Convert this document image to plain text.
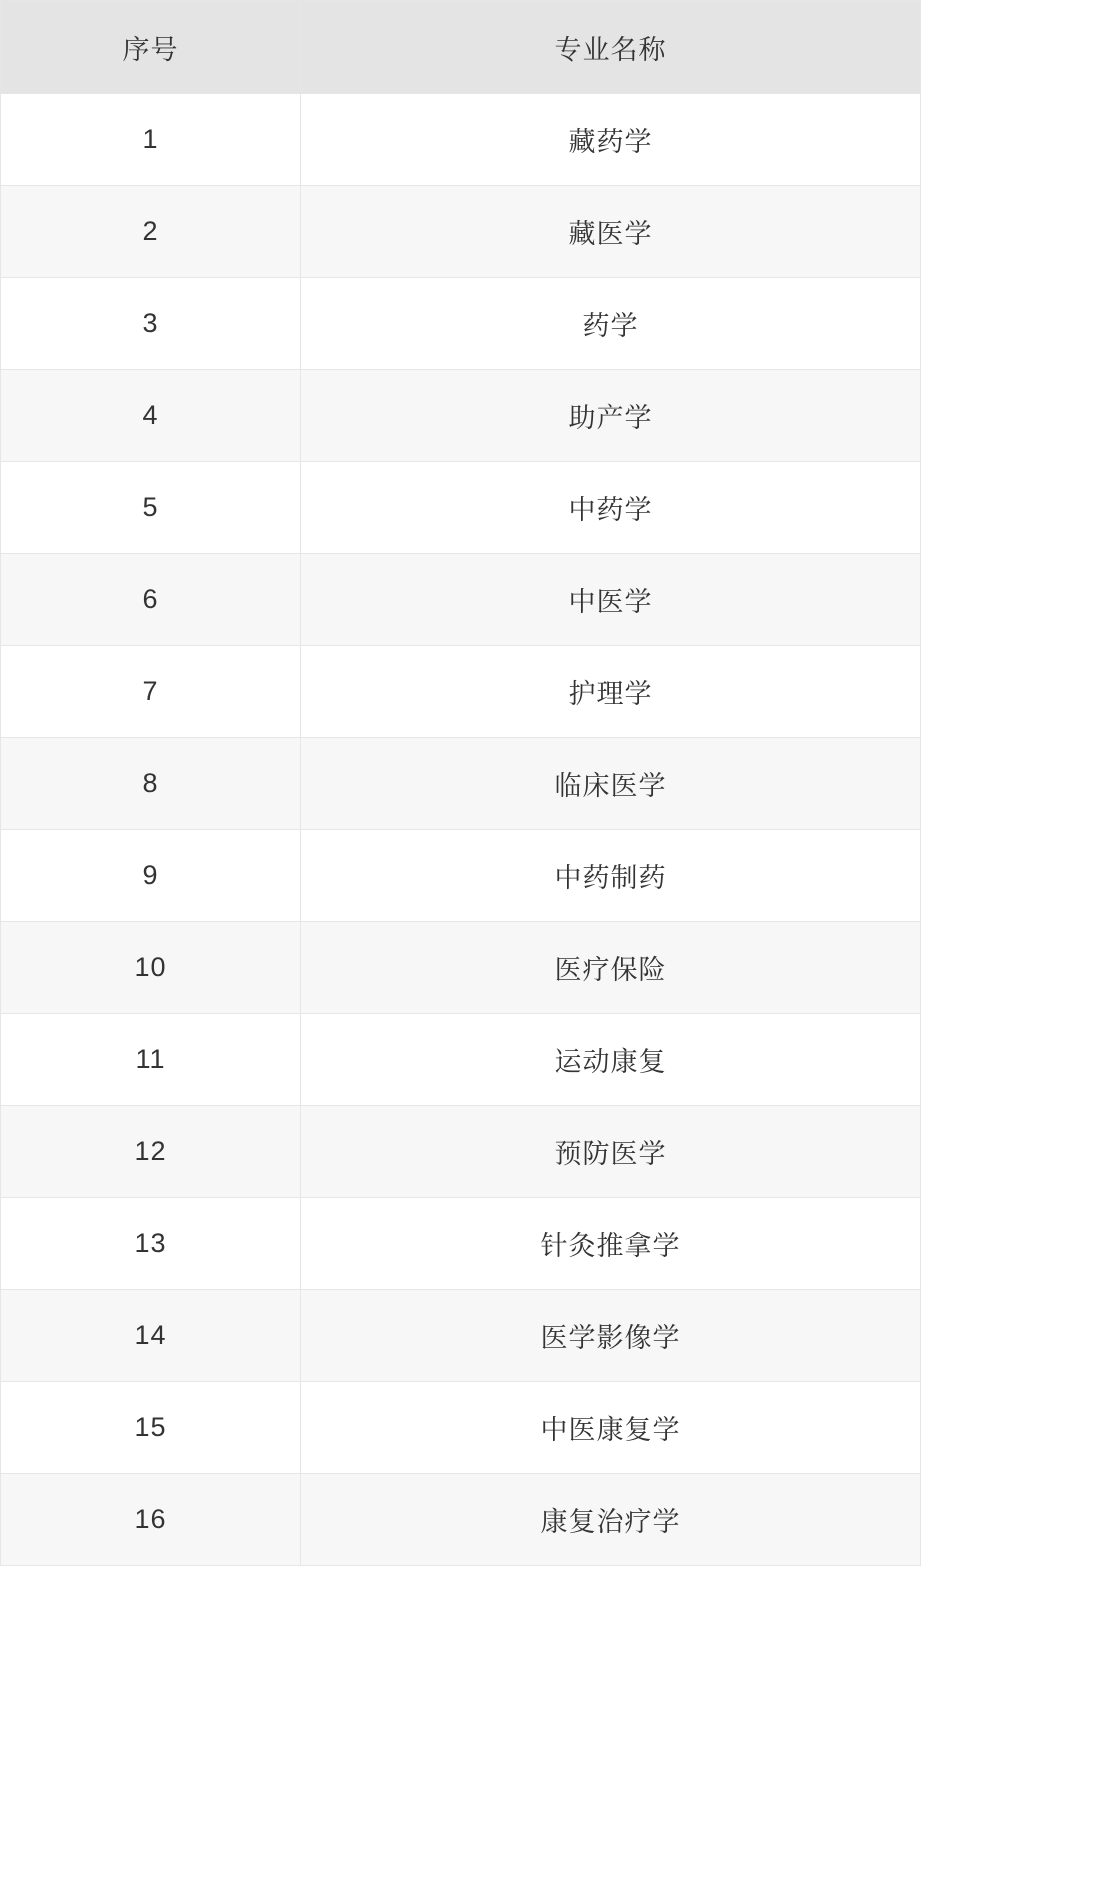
序号	专业名称
1	藏药学
2	藏医学
3	药学
4	助产学
5	中药学
6	中医学
7	护理学
8	临床医学
9	中药制药
10	医疗保险
11	运动康复
12	预防医学
13	针灸推拿学
14	医学影像学
15	中医康复学
16	康复治疗学
